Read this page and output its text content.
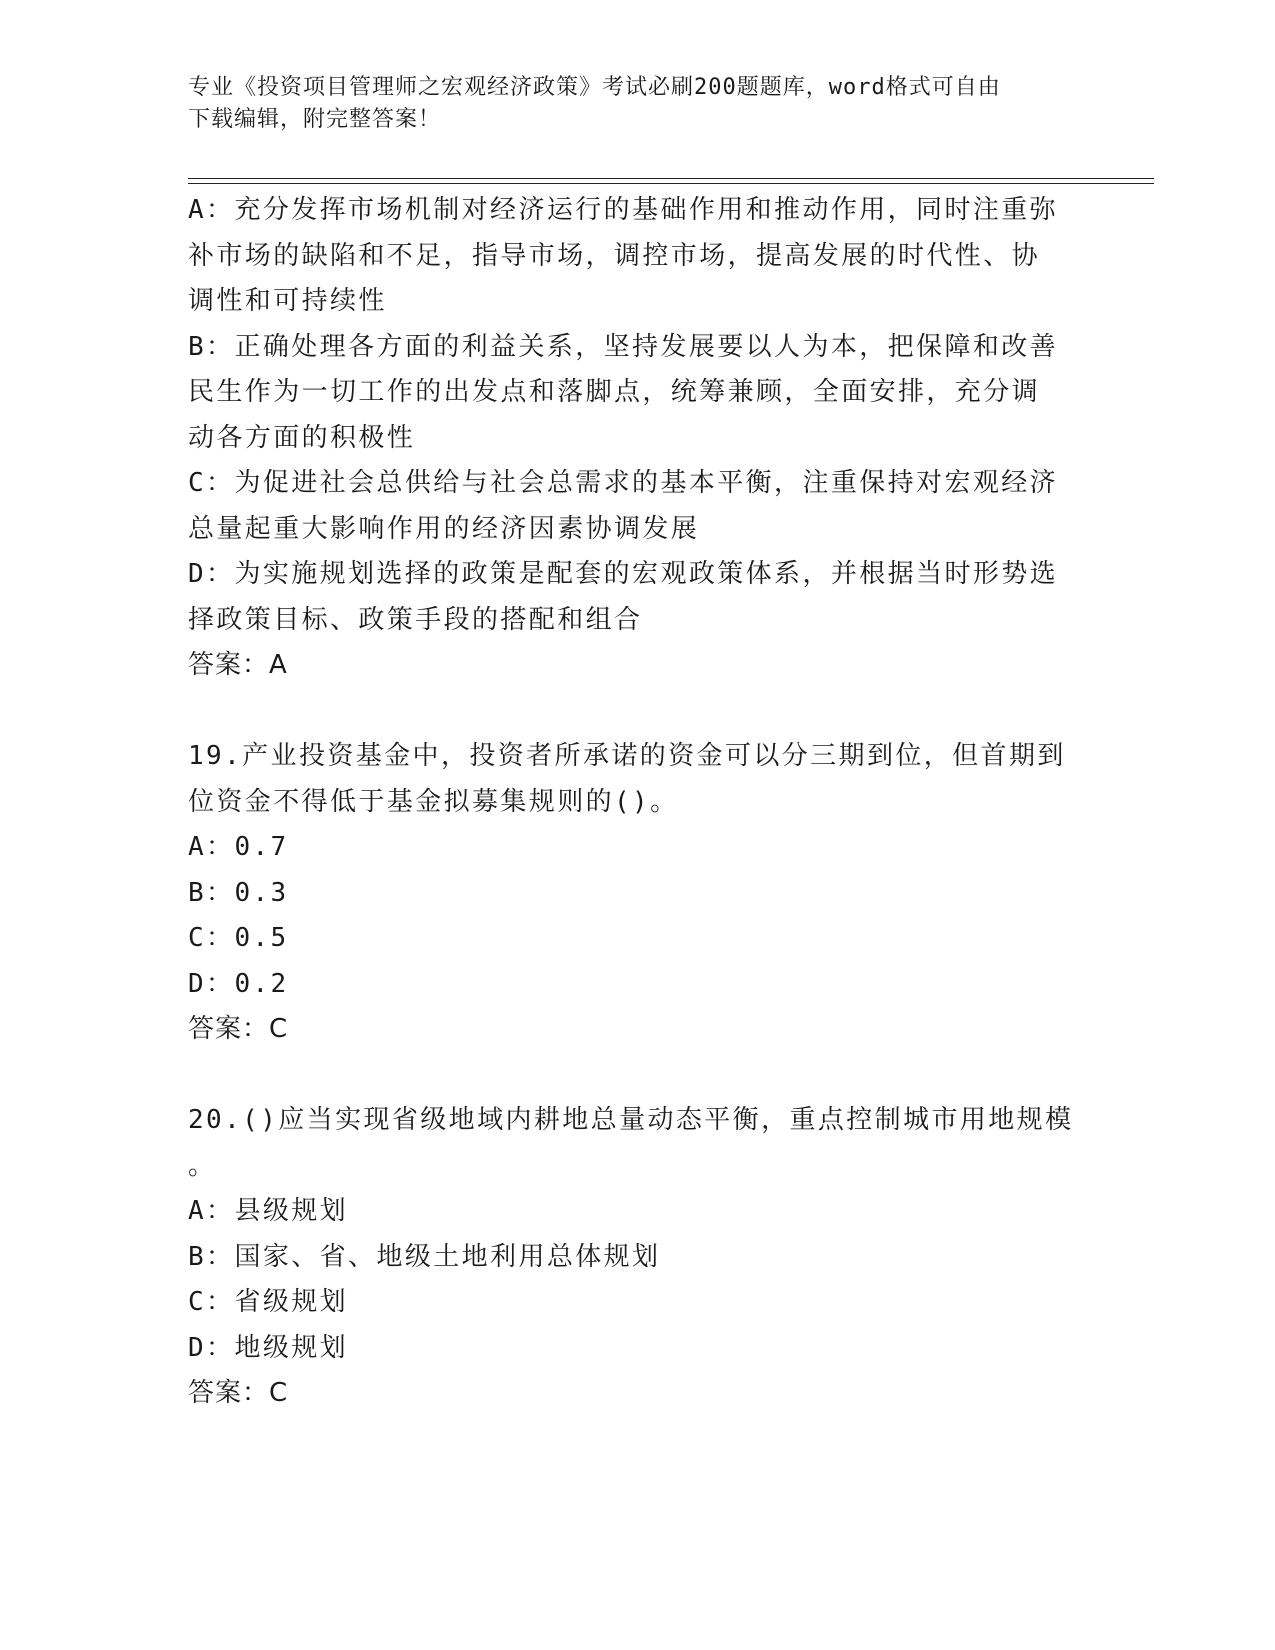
专业《投资项目管理师之宏观经济政策》考试必刷200题题库，word格式可自由
下载编辑，附完整答案！
A：充分发挥市场机制对经济运行的基础作用和推动作用，同时注重弥
补市场的缺陷和不足，指导市场，调控市场，提高发展的时代性、协
调性和可持续性
B：正确处理各方面的利益关系，坚持发展要以人为本，把保障和改善
民生作为一切工作的出发点和落脚点，统筹兼顾，全面安排，充分调
动各方面的积极性
C：为促进社会总供给与社会总需求的基本平衡，注重保持对宏观经济
总量起重大影响作用的经济因素协调发展
D：为实施规划选择的政策是配套的宏观政策体系，并根据当时形势选
择政策目标、政策手段的搭配和组合
答案：A
19.产业投资基金中，投资者所承诺的资金可以分三期到位，但首期到
位资金不得低于基金拟募集规则的()。
A：0.7
B：0.3
C：0.5
D：0.2
答案：C
20.()应当实现省级地域内耕地总量动态平衡，重点控制城市用地规模
。
A：县级规划
B：国家、省、地级土地利用总体规划
C：省级规划
D：地级规划
答案：C
